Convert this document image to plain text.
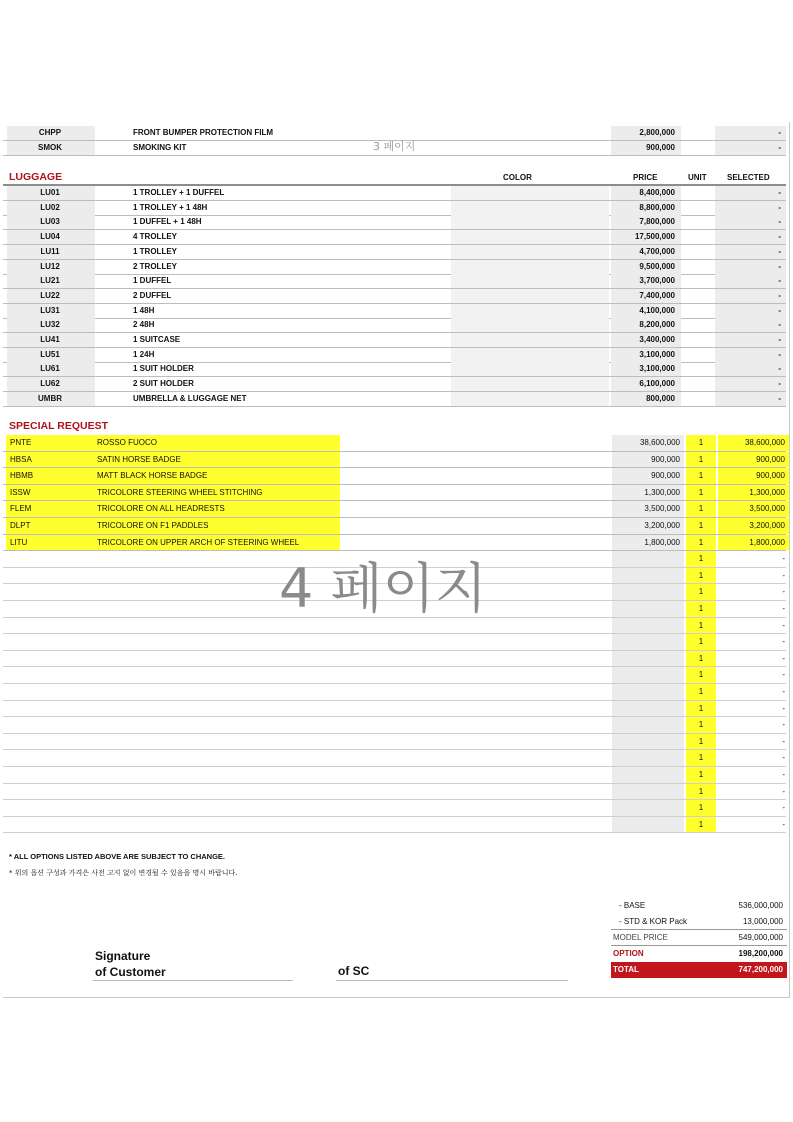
CHPP	FRONT BUMPER PROTECTION FILM	2,800,000	-
SMOK	SMOKING KIT	900,000	-
3 페이지
LUGGAGE	COLOR	PRICE	UNIT	SELECTED
LU01	1 TROLLEY + 1 DUFFEL	8,400,000	-
LU02	1 TROLLEY + 1 48H	8,800,000	-
LU03	1 DUFFEL + 1 48H	7,800,000	-
LU04	4 TROLLEY	17,500,000	-
LU11	1 TROLLEY	4,700,000	-
LU12	2 TROLLEY	9,500,000	-
LU21	1 DUFFEL	3,700,000	-
LU22	2 DUFFEL	7,400,000	-
LU31	1 48H	4,100,000	-
LU32	2 48H	8,200,000	-
LU41	1 SUITCASE	3,400,000	-
LU51	1 24H	3,100,000	-
LU61	1 SUIT HOLDER	3,100,000	-
LU62	2 SUIT HOLDER	6,100,000	-
UMBR	UMBRELLA & LUGGAGE NET	800,000	-
SPECIAL REQUEST
PNTE	ROSSO FUOCO	38,600,000	1	38,600,000
HBSA	SATIN HORSE BADGE	900,000	1	900,000
HBMB	MATT BLACK HORSE BADGE	900,000	1	900,000
ISSW	TRICOLORE STEERING WHEEL STITCHING	1,300,000	1	1,300,000
FLEM	TRICOLORE ON ALL HEADRESTS	3,500,000	1	3,500,000
DLPT	TRICOLORE ON F1 PADDLES	3,200,000	1	3,200,000
LITU	TRICOLORE ON UPPER ARCH OF STEERING WHEEL	1,800,000	1	1,800,000
1	-
1	-
1	-
1	-
1	-
1	-
1	-
1	-
1	-
1	-
1	-
1	-
1	-
1	-
1	-
1	-
1	-
4 페이지
* ALL OPTIONS LISTED ABOVE ARE SUBJECT TO CHANGE.
* 위의 옵션 구성과 가격은 사전 고지 없이 변경될 수 있음을 명시 바랍니다.
Signature
of Customer	of SC
- BASE	536,000,000
- STD & KOR Pack	13,000,000
MODEL PRICE	549,000,000
OPTION	198,200,000
TOTAL	747,200,000
